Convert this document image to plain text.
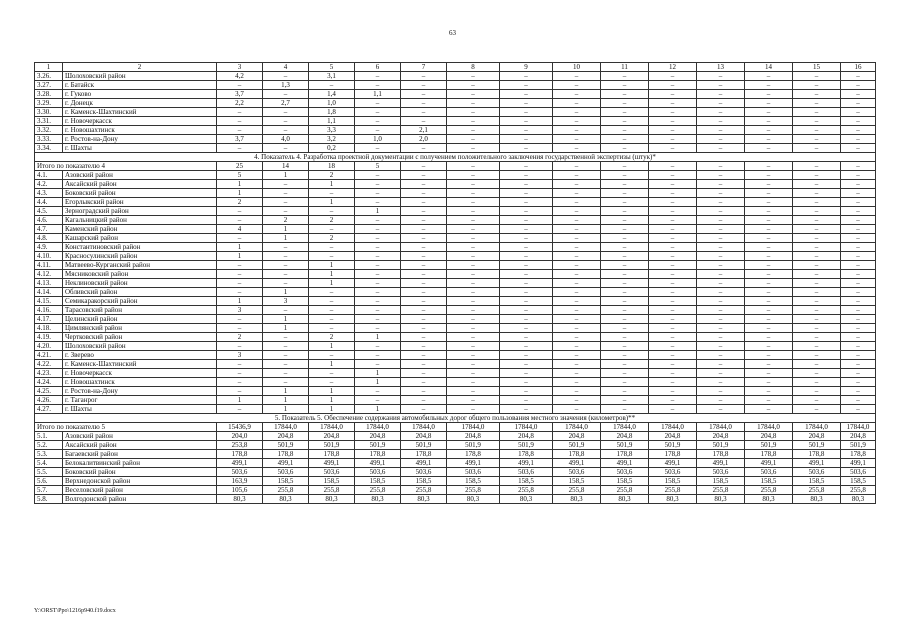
63
1	2	3	4	5	6	7	8	9	10	11	12	13	14	15	16
3.26.	Шолоховский район	4,2	–	3,1	–	–	–	–	–	–	–	–	–	–	–
3.27.	г. Батайск	–	1,3	–	–	–	–	–	–	–	–	–	–	–	–
3.28.	г. Гуково	3,7	–	1,4	1,1	–	–	–	–	–	–	–	–	–	–
3.29.	г. Донецк	2,2	2,7	1,0	–	–	–	–	–	–	–	–	–	–	–
3.30.	г. Каменск-Шахтинский	–	–	1,8	–	–	–	–	–	–	–	–	–	–	–
3.31.	г. Новочеркасск	–	–	1,1	–	–	–	–	–	–	–	–	–	–	–
3.32.	г. Новошахтинск	–	–	3,3	–	2,1	–	–	–	–	–	–	–	–	–
3.33.	г. Ростов-на-Дону	3,7	4,0	3,2	1,0	2,0	–	–	–	–	–	–	–	–	–
3.34.	г. Шахты	–	–	0,2	–	–	–	–	–	–	–	–	–	–	–
4. Показатель 4. Разработка проектной документации с получением положительного заключения государственной экспертизы (штук)*															
Итого по показателю 4		25	14	18	5	–	–	–	–	–	–	–	–	–	–
4.1.	Азовский район	5	1	2	–	–	–	–	–	–	–	–	–	–	–
4.2.	Аксайский район	1	–	1	–	–	–	–	–	–	–	–	–	–	–
4.3.	Боковский район	1	–	–	–	–	–	–	–	–	–	–	–	–	–
4.4.	Егорлыкский район	2	–	1	–	–	–	–	–	–	–	–	–	–	–
4.5.	Зерноградский район	–	–	–	1	–	–	–	–	–	–	–	–	–	–
4.6.	Кагальницкий район	–	2	2	–	–	–	–	–	–	–	–	–	–	–
4.7.	Каменский район	4	1	–	–	–	–	–	–	–	–	–	–	–	–
4.8.	Кашарский район	–	1	2	–	–	–	–	–	–	–	–	–	–	–
4.9.	Константиновский район	1	–	–	–	–	–	–	–	–	–	–	–	–	–
4.10.	Красносулинский район	1	–	–	–	–	–	–	–	–	–	–	–	–	–
4.11.	Матвеево-Курганский район	–	–	1	–	–	–	–	–	–	–	–	–	–	–
4.12.	Мясниковский район	–	–	1	–	–	–	–	–	–	–	–	–	–	–
4.13.	Неклиновский район	–	–	1	–	–	–	–	–	–	–	–	–	–	–
4.14.	Обливский район	–	1	–	–	–	–	–	–	–	–	–	–	–	–
4.15.	Семикаракорский район	1	3	–	–	–	–	–	–	–	–	–	–	–	–
4.16.	Тарасовский район	3	–	–	–	–	–	–	–	–	–	–	–	–	–
4.17.	Целинский район	–	1	–	–	–	–	–	–	–	–	–	–	–	–
4.18.	Цимлянский район	–	1	–	–	–	–	–	–	–	–	–	–	–	–
4.19.	Чертковский район	2	–	2	1	–	–	–	–	–	–	–	–	–	–
4.20.	Шолоховский район	–	–	1	–	–	–	–	–	–	–	–	–	–	–
4.21.	г. Зверево	3	–	–	–	–	–	–	–	–	–	–	–	–	–
4.22.	г. Каменск-Шахтинский	–	–	1	–	–	–	–	–	–	–	–	–	–	–
4.23.	г. Новочеркасск	–	–	–	1	–	–	–	–	–	–	–	–	–	–
4.24.	г. Новошахтинск	–	–	–	1	–	–	–	–	–	–	–	–	–	–
4.25.	г. Ростов-на-Дону	–	1	1	–	–	–	–	–	–	–	–	–	–	–
4.26.	г. Таганрог	1	1	1	–	–	–	–	–	–	–	–	–	–	–
4.27.	г. Шахты	–	1	1	1	–	–	–	–	–	–	–	–	–	–
5. Показатель 5. Обеспечение содержания автомобильных дорог общего пользования местного значения (километров)**															
Итого по показателю 5		15436,9	17844,0	17844,0	17844,0	17844,0	17844,0	17844,0	17844,0	17844,0	17844,0	17844,0	17844,0	17844,0	17844,0
5.1.	Азовский район	204,0	204,8	204,8	204,8	204,8	204,8	204,8	204,8	204,8	204,8	204,8	204,8	204,8	204,8
5.2.	Аксайский район	253,8	501,9	501,9	501,9	501,9	501,9	501,9	501,9	501,9	501,9	501,9	501,9	501,9	501,9
5.3.	Багаевский район	178,8	178,8	178,8	178,8	178,8	178,8	178,8	178,8	178,8	178,8	178,8	178,8	178,8	178,8
5.4.	Белокалитвинский район	499,1	499,1	499,1	499,1	499,1	499,1	499,1	499,1	499,1	499,1	499,1	499,1	499,1	499,1
5.5.	Боковский район	503,6	503,6	503,6	503,6	503,6	503,6	503,6	503,6	503,6	503,6	503,6	503,6	503,6	503,6
5.6.	Верхнедонской район	163,9	158,5	158,5	158,5	158,5	158,5	158,5	158,5	158,5	158,5	158,5	158,5	158,5	158,5
5.7.	Веселовский район	105,6	255,8	255,8	255,8	255,8	255,8	255,8	255,8	255,8	255,8	255,8	255,8	255,8	255,8
5.8.	Волгодонской район	80,3	80,3	80,3	80,3	80,3	80,3	80,3	80,3	80,3	80,3	80,3	80,3	80,3	80,3
Y:\ORST\Ppo\1216p940.f19.docx
